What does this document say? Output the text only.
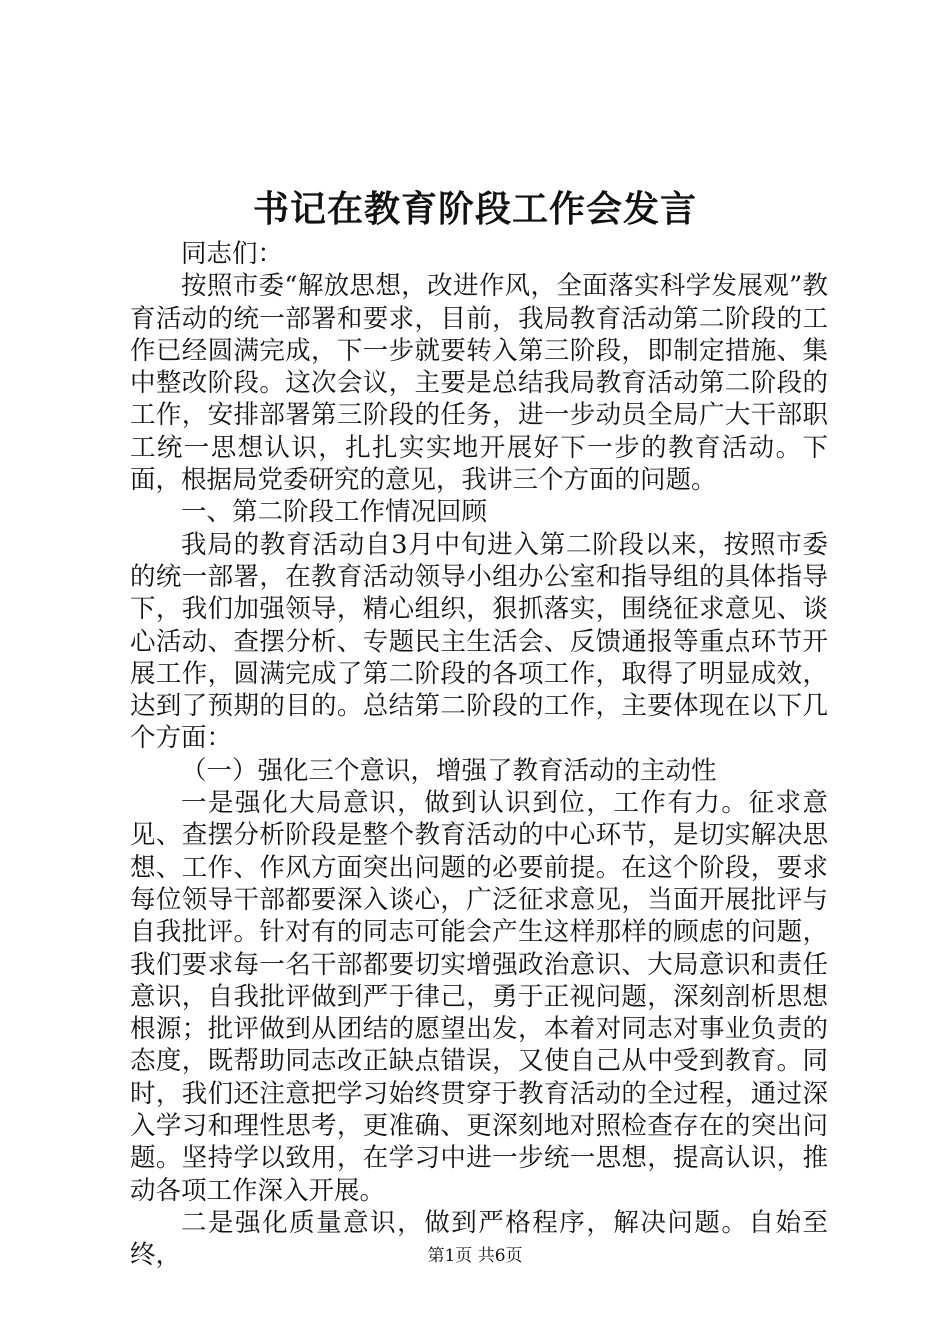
书记在教育阶段工作会发言

同志们：

按照市委“解放思想，改进作风，全面落实科学发展观”教育活动的统一部署和要求，目前，我局教育活动第二阶段的工作已经圆满完成，下一步就要转入第三阶段，即制定措施、集中整改阶段。这次会议，主要是总结我局教育活动第二阶段的工作，安排部署第三阶段的任务，进一步动员全局广大干部职工统一思想认识，扎扎实实地开展好下一步的教育活动。下面，根据局党委研究的意见，我讲三个方面的问题。

一、第二阶段工作情况回顾

我局的教育活动自3月中旬进入第二阶段以来，按照市委的统一部署，在教育活动领导小组办公室和指导组的具体指导下，我们加强领导，精心组织，狠抓落实，围绕征求意见、谈心活动、查摆分析、专题民主生活会、反馈通报等重点环节开展工作，圆满完成了第二阶段的各项工作，取得了明显成效，达到了预期的目的。总结第二阶段的工作，主要体现在以下几个方面：

（一）强化三个意识，增强了教育活动的主动性

一是强化大局意识，做到认识到位，工作有力。征求意见、查摆分析阶段是整个教育活动的中心环节，是切实解决思想、工作、作风方面突出问题的必要前提。在这个阶段，要求每位领导干部都要深入谈心，广泛征求意见，当面开展批评与自我批评。针对有的同志可能会产生这样那样的顾虑的问题，我们要求每一名干部都要切实增强政治意识、大局意识和责任意识，自我批评做到严于律己，勇于正视问题，深刻剖析思想根源；批评做到从团结的愿望出发，本着对同志对事业负责的态度，既帮助同志改正缺点错误，又使自己从中受到教育。同时，我们还注意把学习始终贯穿于教育活动的全过程，通过深入学习和理性思考，更准确、更深刻地对照检查存在的突出问题。坚持学以致用，在学习中进一步统一思想，提高认识，推动各项工作深入开展。

二是强化质量意识，做到严格程序，解决问题。自始至终，	第1页 共6页
